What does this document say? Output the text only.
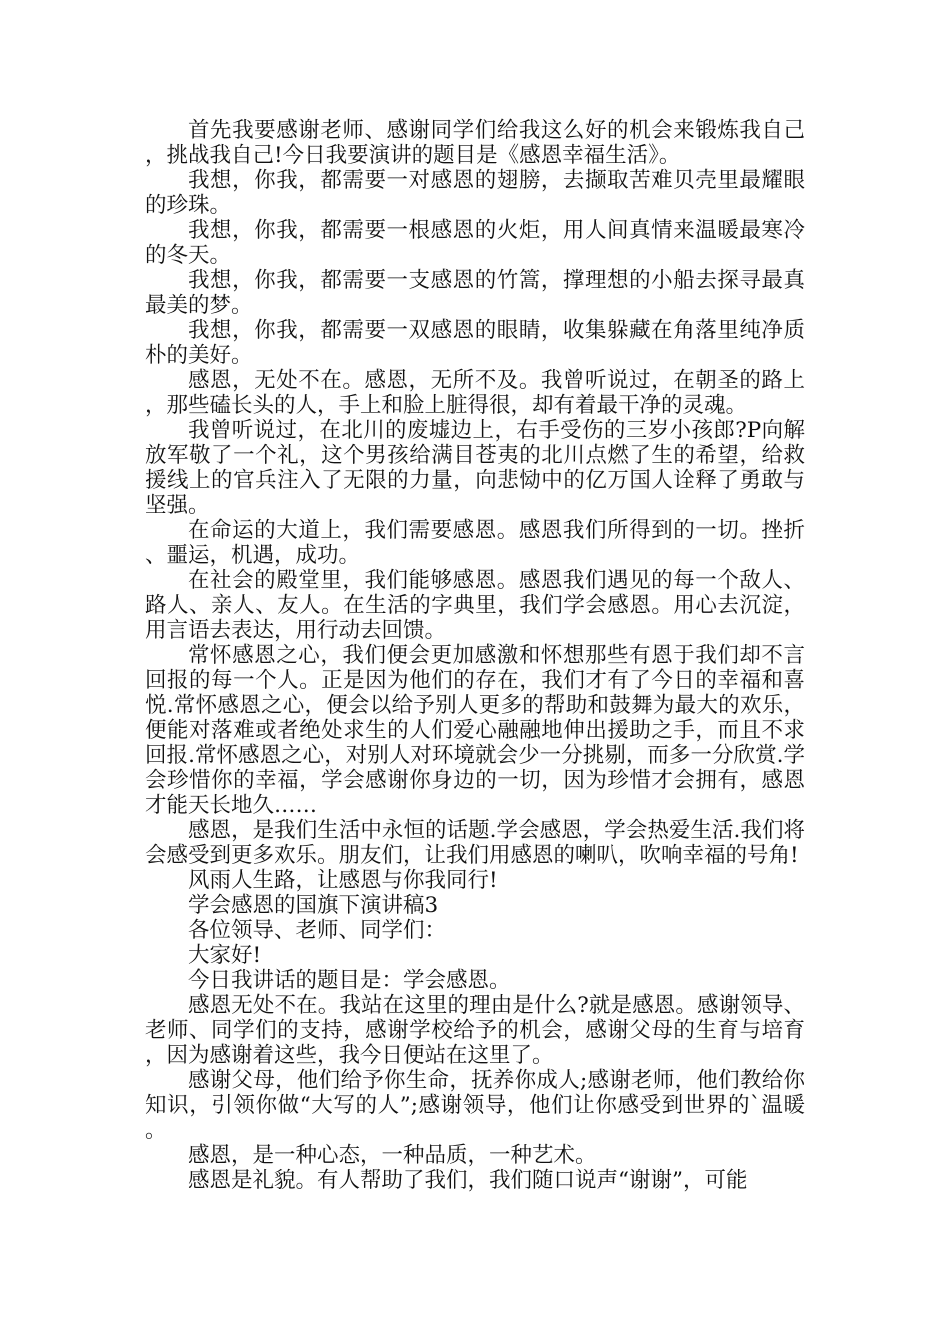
首先我要感谢老师、感谢同学们给我这么好的机会来锻炼我自己，挑战我自己!今日我要演讲的题目是《感恩幸福生活》。

我想，你我，都需要一对感恩的翅膀，去撷取苦难贝壳里最耀眼的珍珠。

我想，你我，都需要一根感恩的火炬，用人间真情来温暖最寒冷的冬天。

我想，你我，都需要一支感恩的竹篙，撑理想的小船去探寻最真最美的梦。

我想，你我，都需要一双感恩的眼睛，收集躲藏在角落里纯净质朴的美好。

感恩，无处不在。感恩，无所不及。我曾听说过，在朝圣的路上，那些磕长头的人，手上和脸上脏得很，却有着最干净的灵魂。

我曾听说过，在北川的废墟边上，右手受伤的三岁小孩郎?P向解放军敬了一个礼，这个男孩给满目苍夷的北川点燃了生的希望，给救援线上的官兵注入了无限的力量，向悲恸中的亿万国人诠释了勇敢与坚强。

在命运的大道上，我们需要感恩。感恩我们所得到的一切。挫折、噩运，机遇，成功。

在社会的殿堂里，我们能够感恩。感恩我们遇见的每一个敌人、路人、亲人、友人。在生活的字典里，我们学会感恩。用心去沉淀，用言语去表达，用行动去回馈。

常怀感恩之心，我们便会更加感激和怀想那些有恩于我们却不言回报的每一个人。正是因为他们的存在，我们才有了今日的幸福和喜悦.常怀感恩之心，便会以给予别人更多的帮助和鼓舞为最大的欢乐，便能对落难或者绝处求生的人们爱心融融地伸出援助之手，而且不求回报.常怀感恩之心，对别人对环境就会少一分挑剔，而多一分欣赏.学会珍惜你的幸福，学会感谢你身边的一切，因为珍惜才会拥有，感恩才能天长地久……

感恩，是我们生活中永恒的话题.学会感恩，学会热爱生活.我们将会感受到更多欢乐。朋友们，让我们用感恩的喇叭，吹响幸福的号角!

风雨人生路，让感恩与你我同行!

学会感恩的国旗下演讲稿3

各位领导、老师、同学们：

大家好!

今日我讲话的题目是：学会感恩。

感恩无处不在。我站在这里的理由是什么?就是感恩。感谢领导、老师、同学们的支持，感谢学校给予的机会，感谢父母的生育与培育，因为感谢着这些，我今日便站在这里了。

感谢父母，他们给予你生命，抚养你成人;感谢老师，他们教给你知识，引领你做“大写的人”;感谢领导，他们让你感受到世界的`温暖。

感恩，是一种心态，一种品质，一种艺术。

感恩是礼貌。有人帮助了我们，我们随口说声“谢谢”，可能
